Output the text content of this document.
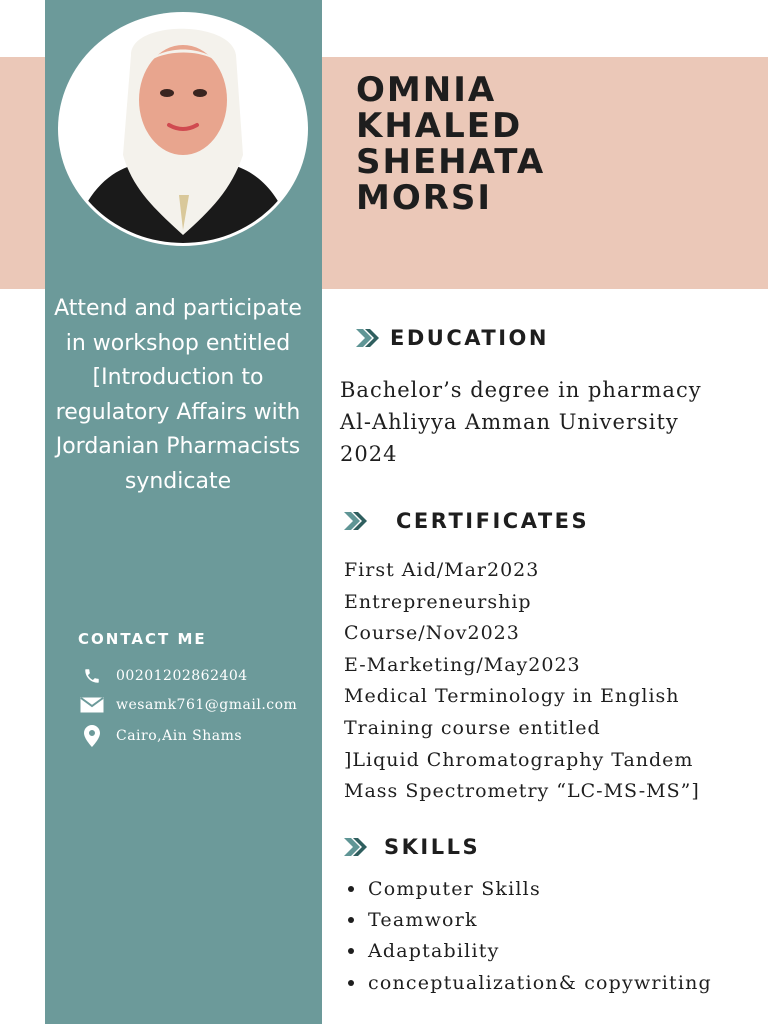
OMNIA
KHALED
SHEHATA
MORSI
Attend and participate in workshop entitled [Introduction to regulatory Affairs with Jordanian Pharmacists syndicate
CONTACT ME
00201202862404
wesamk761@gmail.com
Cairo,Ain Shams
EDUCATION
Bachelor’s degree in pharmacy
Al-Ahliyya Amman University
2024
CERTIFICATES
First Aid/Mar2023
Entrepreneurship
Course/Nov2023
E-Marketing/May2023
Medical Terminology in English
Training course entitled
]Liquid Chromatography Tandem
Mass Spectrometry “LC-MS-MS”]
SKILLS
Computer Skills
Teamwork
Adaptability
conceptualization& copywriting
